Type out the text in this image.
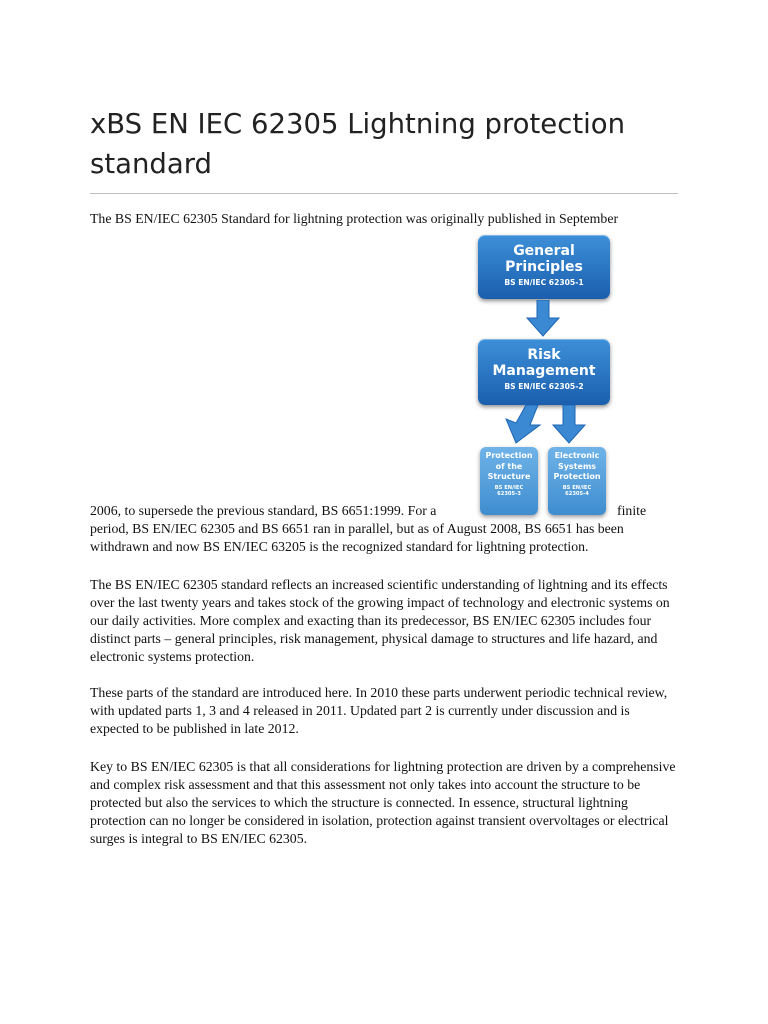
xBS EN IEC 62305 Lightning protection standard
The BS EN/IEC 62305 Standard for lightning protection was originally published in September
General
Principles
BS EN/IEC 62305-1
Risk
Management
BS EN/IEC 62305-2
Protection
of the
Structure
BS EN/IEC
62305-3
Electronic
Systems
Protection
BS EN/IEC
62305-4
2006, to supersede the previous standard, BS 6651:1999. For a	finite
period, BS EN/IEC 62305 and BS 6651 ran in parallel, but as of August 2008, BS 6651 has been
withdrawn and now BS EN/IEC 63205 is the recognized standard for lightning protection.

The BS EN/IEC 62305 standard reflects an increased scientific understanding of lightning and its effects over the last twenty years and takes stock of the growing impact of technology and electronic systems on our daily activities. More complex and exacting than its predecessor, BS EN/IEC 62305 includes four distinct parts – general principles, risk management, physical damage to structures and life hazard, and electronic systems protection.

These parts of the standard are introduced here. In 2010 these parts underwent periodic technical review, with updated parts 1, 3 and 4 released in 2011. Updated part 2 is currently under discussion and is expected to be published in late 2012.

Key to BS EN/IEC 62305 is that all considerations for lightning protection are driven by a comprehensive and complex risk assessment and that this assessment not only takes into account the structure to be protected but also the services to which the structure is connected. In essence, structural lightning protection can no longer be considered in isolation, protection against transient overvoltages or electrical surges is integral to BS EN/IEC 62305.
